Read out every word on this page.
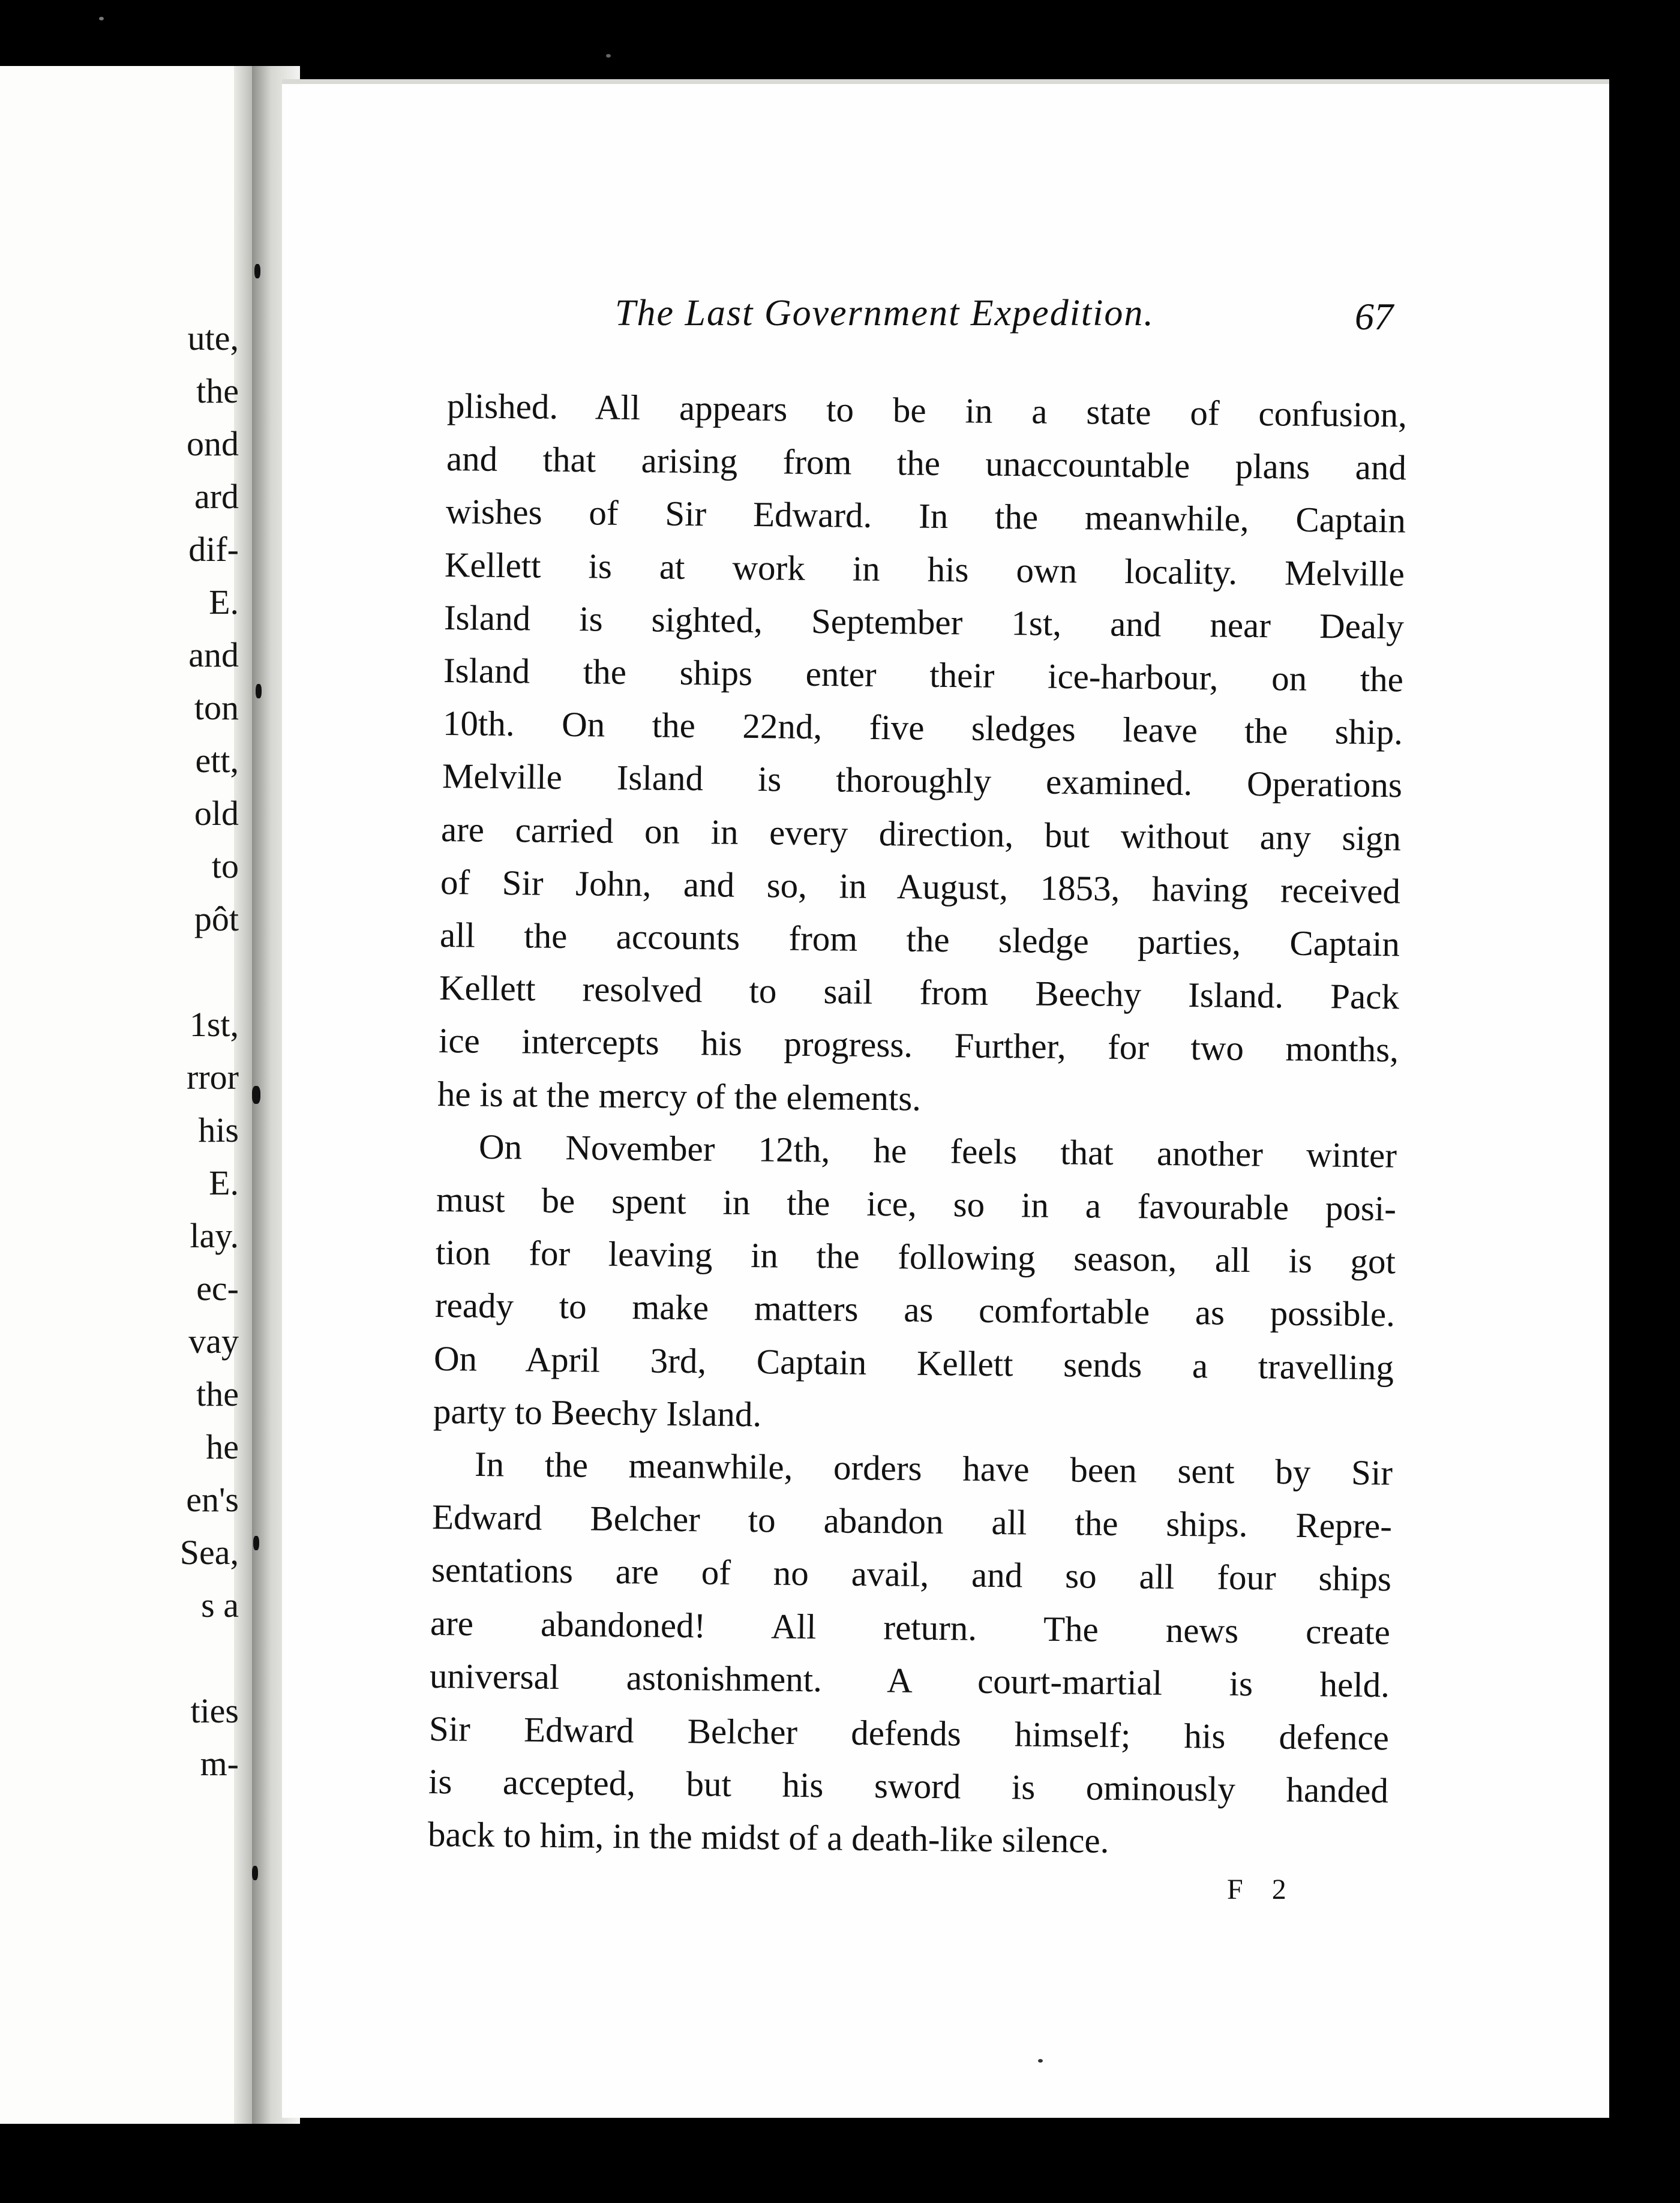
ute,
the
ond
ard
dif-
E.
and
ton
ett,
old
to
pôt
1st,
rror
his
E.
lay.
ec-
vay
the
he
en's
Sea,
s a
ties
m-
The Last Government Expedition.	67
plished. All appears to be in a state of confusion,
and that arising from the unaccountable plans and
wishes of Sir Edward. In the meanwhile, Captain
Kellett is at work in his own locality. Melville
Island is sighted, September 1st, and near Dealy
Island the ships enter their ice-harbour, on the
10th. On the 22nd, five sledges leave the ship.
Melville Island is thoroughly examined. Operations
are carried on in every direction, but without any sign
of Sir John, and so, in August, 1853, having received
all the accounts from the sledge parties, Captain
Kellett resolved to sail from Beechy Island. Pack
ice intercepts his progress. Further, for two months,
he is at the mercy of the elements.
On November 12th, he feels that another winter
must be spent in the ice, so in a favourable posi-
tion for leaving in the following season, all is got
ready to make matters as comfortable as possible.
On April 3rd, Captain Kellett sends a travelling
party to Beechy Island.
In the meanwhile, orders have been sent by Sir
Edward Belcher to abandon all the ships. Repre-
sentations are of no avail, and so all four ships
are abandoned! All return. The news create
universal astonishment. A court-martial is held.
Sir Edward Belcher defends himself; his defence
is accepted, but his sword is ominously handed
back to him, in the midst of a death-like silence.
F 2
